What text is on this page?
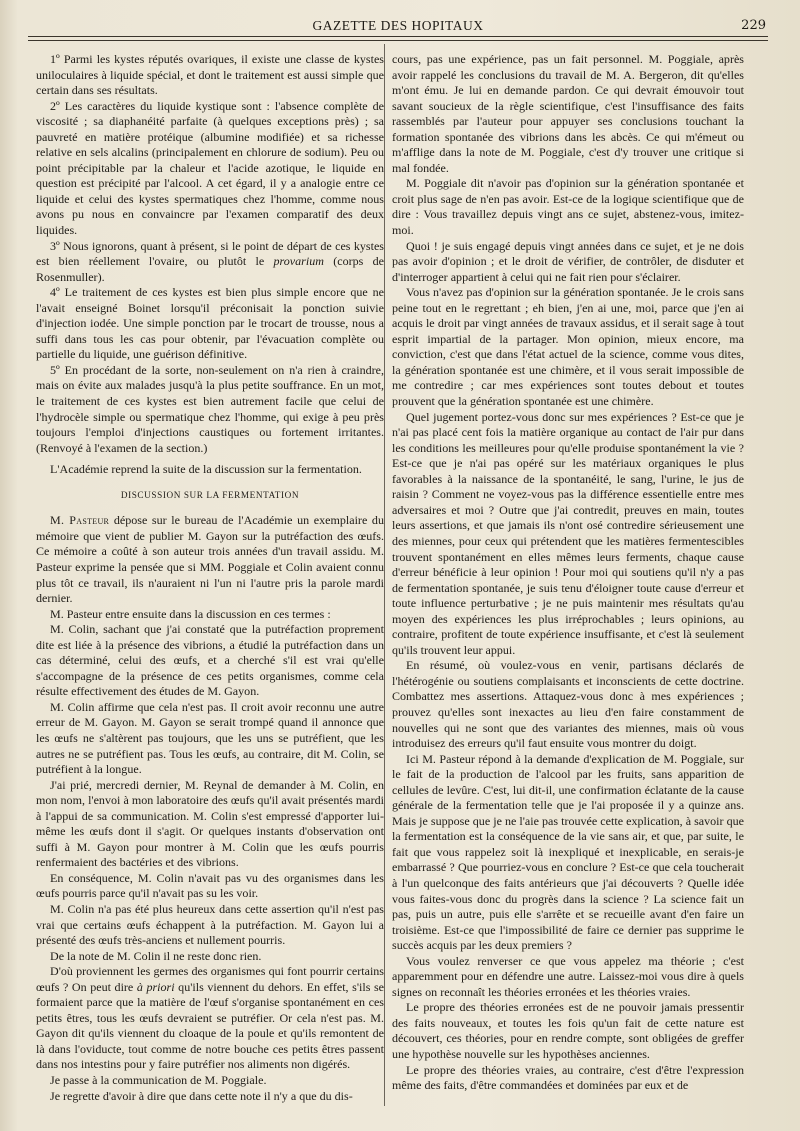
GAZETTE DES HOPITAUX	229

1º Parmi les kystes réputés ovariques, il existe une classe de kystes uniloculaires à liquide spécial, et dont le traitement est aussi simple que certain dans ses résultats.

2º Les caractères du liquide kystique sont : l'absence complète de viscosité ; sa diaphanéité parfaite (à quelques exceptions près) ; sa pauvreté en matière protéique (albumine modifiée) et sa richesse relative en sels alcalins (principalement en chlorure de sodium). Peu ou point précipitable par la chaleur et l'acide azotique, le liquide en question est précipité par l'alcool. A cet égard, il y a analogie entre ce liquide et celui des kystes spermatiques chez l'homme, comme nous avons pu nous en convaincre par l'examen comparatif des deux liquides.

3º Nous ignorons, quant à présent, si le point de départ de ces kystes est bien réellement l'ovaire, ou plutôt le provarium (corps de Rosenmuller).

4º Le traitement de ces kystes est bien plus simple encore que ne l'avait enseigné Boinet lorsqu'il préconisait la ponction suivie d'injection iodée. Une simple ponction par le trocart de trousse, nous a suffi dans tous les cas pour obtenir, par l'évacuation complète ou partielle du liquide, une guérison définitive.

5º En procédant de la sorte, non-seulement on n'a rien à craindre, mais on évite aux malades jusqu'à la plus petite souffrance. En un mot, le traitement de ces kystes est bien autrement facile que celui de l'hydrocèle simple ou spermatique chez l'homme, qui exige à peu près toujours l'emploi d'injections caustiques ou fortement irritantes. (Renvoyé à l'examen de la section.)

L'Académie reprend la suite de la discussion sur la fermentation.

DISCUSSION SUR LA FERMENTATION

M. Pasteur dépose sur le bureau de l'Académie un exemplaire du mémoire que vient de publier M. Gayon sur la putréfaction des œufs. Ce mémoire a coûté à son auteur trois années d'un travail assidu. M. Pasteur exprime la pensée que si MM. Poggiale et Colin avaient connu plus tôt ce travail, ils n'auraient ni l'un ni l'autre pris la parole mardi dernier.

M. Pasteur entre ensuite dans la discussion en ces termes :

M. Colin, sachant que j'ai constaté que la putréfaction proprement dite est liée à la présence des vibrions, a étudié la putréfaction dans un cas déterminé, celui des œufs, et a cherché s'il est vrai qu'elle s'accompagne de la présence de ces petits organismes, comme cela résulte effectivement des études de M. Gayon.

M. Colin affirme que cela n'est pas. Il croit avoir reconnu une autre erreur de M. Gayon. M. Gayon se serait trompé quand il annonce que les œufs ne s'altèrent pas toujours, que les uns se putréfient, que les autres ne se putréfient pas. Tous les œufs, au contraire, dit M. Colin, se putréfient à la longue.

J'ai prié, mercredi dernier, M. Reynal de demander à M. Colin, en mon nom, l'envoi à mon laboratoire des œufs qu'il avait présentés mardi à l'appui de sa communication. M. Colin s'est empressé d'apporter lui-même les œufs dont il s'agit. Or quelques instants d'observation ont suffi à M. Gayon pour montrer à M. Colin que les œufs pourris renfermaient des bactéries et des vibrions.

En conséquence, M. Colin n'avait pas vu des organismes dans les œufs pourris parce qu'il n'avait pas su les voir.

M. Colin n'a pas été plus heureux dans cette assertion qu'il n'est pas vrai que certains œufs échappent à la putréfaction. M. Gayon lui a présenté des œufs très-anciens et nullement pourris.

De la note de M. Colin il ne reste donc rien.

D'où proviennent les germes des organismes qui font pourrir certains œufs ? On peut dire à priori qu'ils viennent du dehors. En effet, s'ils se formaient parce que la matière de l'œuf s'organise spontanément en ces petits êtres, tous les œufs devraient se putréfier. Or cela n'est pas. M. Gayon dit qu'ils viennent du cloaque de la poule et qu'ils remontent de là dans l'oviducte, tout comme de notre bouche ces petits êtres passent dans nos intestins pour y faire putréfier nos aliments non digérés.

Je passe à la communication de M. Poggiale.

Je regrette d'avoir à dire que dans cette note il n'y a que du dis-

cours, pas une expérience, pas un fait personnel. M. Poggiale, après avoir rappelé les conclusions du travail de M. A. Bergeron, dit qu'elles m'ont ému. Je lui en demande pardon. Ce qui devrait émouvoir tout savant soucieux de la règle scientifique, c'est l'insuffisance des faits rassemblés par l'auteur pour appuyer ses conclusions touchant la formation spontanée des vibrions dans les abcès. Ce qui m'émeut ou m'afflige dans la note de M. Poggiale, c'est d'y trouver une critique si mal fondée.

M. Poggiale dit n'avoir pas d'opinion sur la génération spontanée et croit plus sage de n'en pas avoir. Est-ce de la logique scientifique que de dire : Vous travaillez depuis vingt ans ce sujet, abstenez-vous, imitez-moi.

Quoi ! je suis engagé depuis vingt années dans ce sujet, et je ne dois pas avoir d'opinion ; et le droit de vérifier, de contrôler, de disduter et d'interroger appartient à celui qui ne fait rien pour s'éclairer.

Vous n'avez pas d'opinion sur la génération spontanée. Je le crois sans peine tout en le regrettant ; eh bien, j'en ai une, moi, parce que j'en ai acquis le droit par vingt années de travaux assidus, et il serait sage à tout esprit impartial de la partager. Mon opinion, mieux encore, ma conviction, c'est que dans l'état actuel de la science, comme vous dites, la génération spontanée est une chimère, et il vous serait impossible de me contredire ; car mes expériences sont toutes debout et toutes prouvent que la génération spontanée est une chimère.

Quel jugement portez-vous donc sur mes expériences ? Est-ce que je n'ai pas placé cent fois la matière organique au contact de l'air pur dans les conditions les meilleures pour qu'elle produise spontanément la vie ? Est-ce que je n'ai pas opéré sur les matériaux organiques le plus favorables à la naissance de la spontanéité, le sang, l'urine, le jus de raisin ? Comment ne voyez-vous pas la différence essentielle entre mes adversaires et moi ? Outre que j'ai contredit, preuves en main, toutes leurs assertions, et que jamais ils n'ont osé contredire sérieusement une des miennes, pour ceux qui prétendent que les matières fermentescibles trouvent spontanément en elles mêmes leurs ferments, chaque cause d'erreur bénéficie à leur opinion ! Pour moi qui soutiens qu'il n'y a pas de fermentation spontanée, je suis tenu d'éloigner toute cause d'erreur et toute influence perturbative ; je ne puis maintenir mes résultats qu'au moyen des expériences les plus irréprochables ; leurs opinions, au contraire, profitent de toute expérience insuffisante, et c'est là seulement qu'ils trouvent leur appui.

En résumé, où voulez-vous en venir, partisans déclarés de l'hétérogénie ou soutiens complaisants et inconscients de cette doctrine. Combattez mes assertions. Attaquez-vous donc à mes expériences ; prouvez qu'elles sont inexactes au lieu d'en faire constamment de nouvelles qui ne sont que des variantes des miennes, mais où vous introduisez des erreurs qu'il faut ensuite vous montrer du doigt.

Ici M. Pasteur répond à la demande d'explication de M. Poggiale, sur le fait de la production de l'alcool par les fruits, sans apparition de cellules de levûre. C'est, lui dit-il, une confirmation éclatante de la cause générale de la fermentation telle que je l'ai proposée il y a quinze ans. Mais je suppose que je ne l'aie pas trouvée cette explication, à savoir que la fermentation est la conséquence de la vie sans air, et que, par suite, le fait que vous rappelez soit là inexpliqué et inexplicable, en serais-je embarrassé ? Que pourriez-vous en conclure ? Est-ce que cela toucherait à l'un quelconque des faits antérieurs que j'ai découverts ? Quelle idée vous faites-vous donc du progrès dans la science ? La science fait un pas, puis un autre, puis elle s'arrête et se recueille avant d'en faire un troisième. Est-ce que l'impossibilité de faire ce dernier pas supprime le succès acquis par les deux premiers ?

Vous voulez renverser ce que vous appelez ma théorie ; c'est apparemment pour en défendre une autre. Laissez-moi vous dire à quels signes on reconnaît les théories erronées et les théories vraies.

Le propre des théories erronées est de ne pouvoir jamais pressentir des faits nouveaux, et toutes les fois qu'un fait de cette nature est découvert, ces théories, pour en rendre compte, sont obligées de greffer une hypothèse nouvelle sur les hypothèses anciennes.

Le propre des théories vraies, au contraire, c'est d'être l'expression même des faits, d'être commandées et dominées par eux et de
